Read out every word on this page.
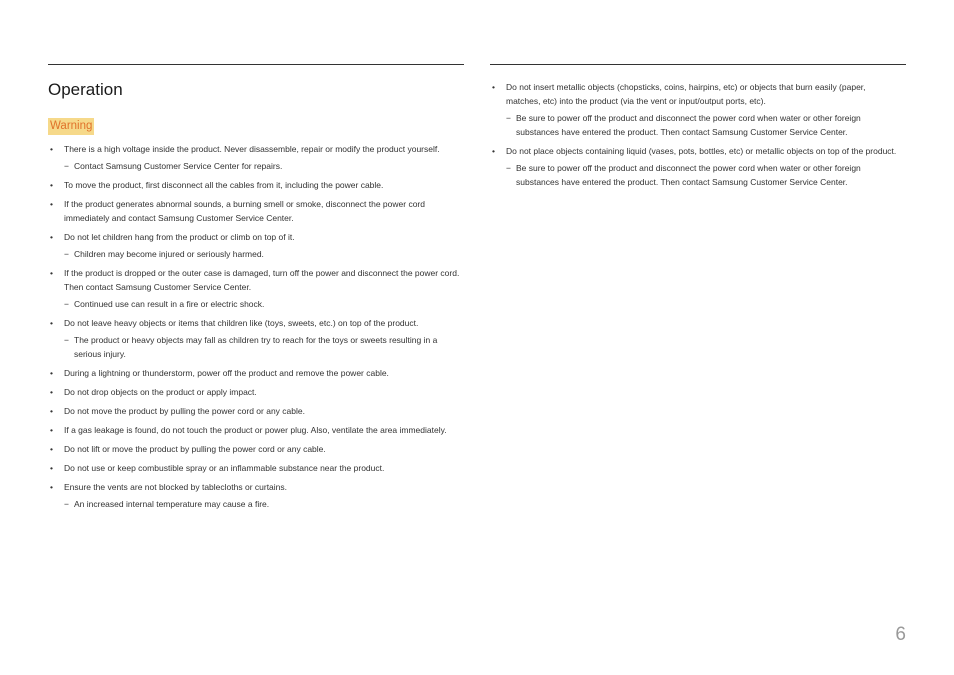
Operation
Warning
•	There is a high voltage inside the product. Never disassemble, repair or modify the product yourself.
− Contact Samsung Customer Service Center for repairs.
•	To move the product, first disconnect all the cables from it, including the power cable.
•	If the product generates abnormal sounds, a burning smell or smoke, disconnect the power cord immediately and contact Samsung Customer Service Center.
•	Do not let children hang from the product or climb on top of it.
− Children may become injured or seriously harmed.
•	If the product is dropped or the outer case is damaged, turn off the power and disconnect the power cord. Then contact Samsung Customer Service Center.
− Continued use can result in a fire or electric shock.
•	Do not leave heavy objects or items that children like (toys, sweets, etc.) on top of the product.
− The product or heavy objects may fall as children try to reach for the toys or sweets resulting in a serious injury.
•	During a lightning or thunderstorm, power off the product and remove the power cable.
•	Do not drop objects on the product or apply impact.
•	Do not move the product by pulling the power cord or any cable.
•	If a gas leakage is found, do not touch the product or power plug. Also, ventilate the area immediately.
•	Do not lift or move the product by pulling the power cord or any cable.
•	Do not use or keep combustible spray or an inflammable substance near the product.
•	Ensure the vents are not blocked by tablecloths or curtains.
− An increased internal temperature may cause a fire.
•	Do not insert metallic objects (chopsticks, coins, hairpins, etc) or objects that burn easily (paper, matches, etc) into the product (via the vent or input/output ports, etc).
− Be sure to power off the product and disconnect the power cord when water or other foreign substances have entered the product. Then contact Samsung Customer Service Center.
•	Do not place objects containing liquid (vases, pots, bottles, etc) or metallic objects on top of the product.
− Be sure to power off the product and disconnect the power cord when water or other foreign substances have entered the product. Then contact Samsung Customer Service Center.
6
